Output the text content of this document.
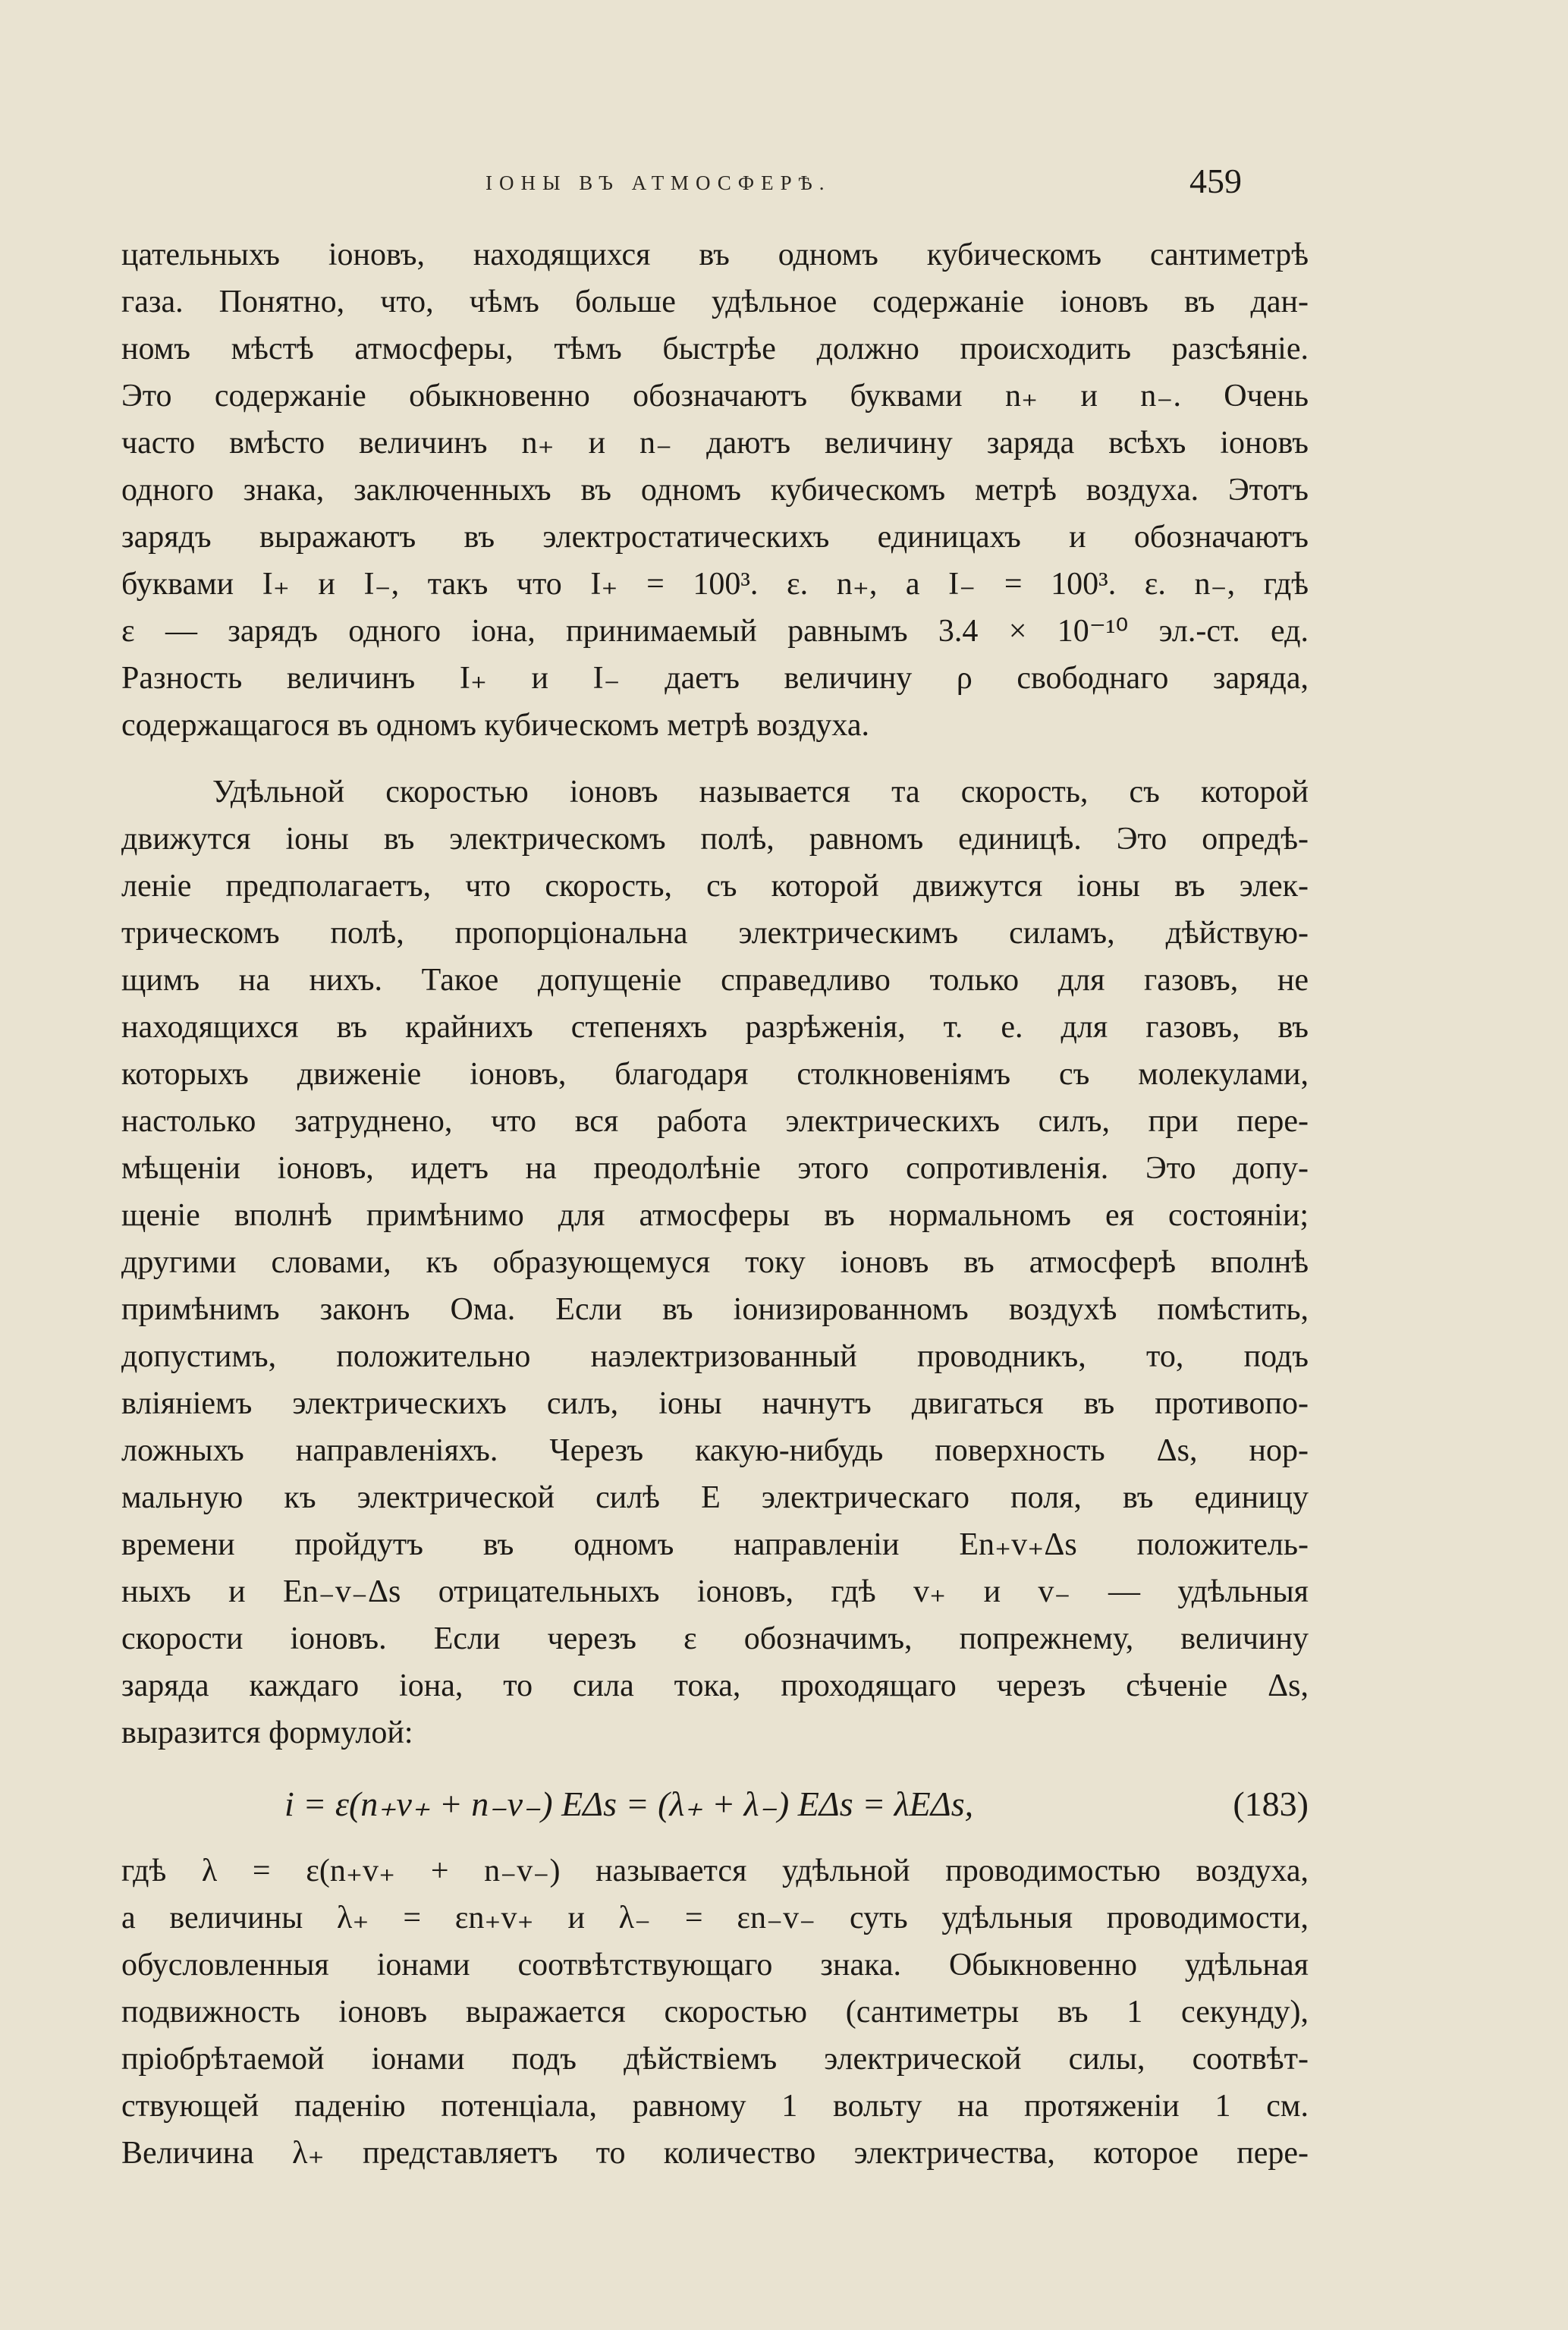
ІОНЫ ВЪ АТМОСФЕРѢ.	459
цательныхъ іоновъ, находящихся въ одномъ кубическомъ сантиметрѣ
газа. Понятно, что, чѣмъ больше удѣльное содержаніе іоновъ въ дан-
номъ мѣстѣ атмосферы, тѣмъ быстрѣе должно происходить разсѣяніе.
Это содержаніе обыкновенно обозначаютъ буквами n₊ и n₋. Очень
часто вмѣсто величинъ n₊ и n₋ даютъ величину заряда всѣхъ іоновъ
одного знака, заключенныхъ въ одномъ кубическомъ метрѣ воздуха. Этотъ
зарядъ выражаютъ въ электростатическихъ единицахъ и обозначаютъ
буквами I₊ и I₋, такъ что I₊ = 100³. ε. n₊, а I₋ = 100³. ε. n₋, гдѣ
ε — зарядъ одного іона, принимаемый равнымъ 3.4 × 10⁻¹⁰ эл.-ст. ед.
Разность величинъ I₊ и I₋ даетъ величину ρ свободнаго заряда,
содержащагося въ одномъ кубическомъ метрѣ воздуха.
Удѣльной скоростью іоновъ называется та скорость, съ которой
движутся іоны въ электрическомъ полѣ, равномъ единицѣ. Это опредѣ-
леніе предполагаетъ, что скорость, съ которой движутся іоны въ элек-
трическомъ полѣ, пропорціональна электрическимъ силамъ, дѣйствую-
щимъ на нихъ. Такое допущеніе справедливо только для газовъ, не
находящихся въ крайнихъ степеняхъ разрѣженія, т. е. для газовъ, въ
которыхъ движеніе іоновъ, благодаря столкновеніямъ съ молекулами,
настолько затруднено, что вся работа электрическихъ силъ, при пере-
мѣщеніи іоновъ, идетъ на преодолѣніе этого сопротивленія. Это допу-
щеніе вполнѣ примѣнимо для атмосферы въ нормальномъ ея состояніи;
другими словами, къ образующемуся току іоновъ въ атмосферѣ вполнѣ
примѣнимъ законъ Ома. Если въ іонизированномъ воздухѣ помѣстить,
допустимъ, положительно наэлектризованный проводникъ, то, подъ
вліяніемъ электрическихъ силъ, іоны начнутъ двигаться въ противопо-
ложныхъ направленіяхъ. Черезъ какую-нибудь поверхность Δs, нор-
мальную къ электрической силѣ E электрическаго поля, въ единицу
времени пройдутъ въ одномъ направленіи En₊v₊Δs положитель-
ныхъ и En₋v₋Δs отрицательныхъ іоновъ, гдѣ v₊ и v₋ — удѣльныя
скорости іоновъ. Если черезъ ε обозначимъ, попрежнему, величину
заряда каждаго іона, то сила тока, проходящаго черезъ сѣченіе Δs,
выразится формулой:
i = ε(n₊v₊ + n₋v₋) EΔs = (λ₊ + λ₋) EΔs = λEΔs,	(183)
гдѣ λ = ε(n₊v₊ + n₋v₋) называется удѣльной проводимостью воздуха,
а величины λ₊ = εn₊v₊ и λ₋ = εn₋v₋ суть удѣльныя проводимости,
обусловленныя іонами соотвѣтствующаго знака. Обыкновенно удѣльная
подвижность іоновъ выражается скоростью (сантиметры въ 1 секунду),
пріобрѣтаемой іонами подъ дѣйствіемъ электрической силы, соотвѣт-
ствующей паденію потенціала, равному 1 вольту на протяженіи 1 см.
Величина λ₊ представляетъ то количество электричества, которое пере-
